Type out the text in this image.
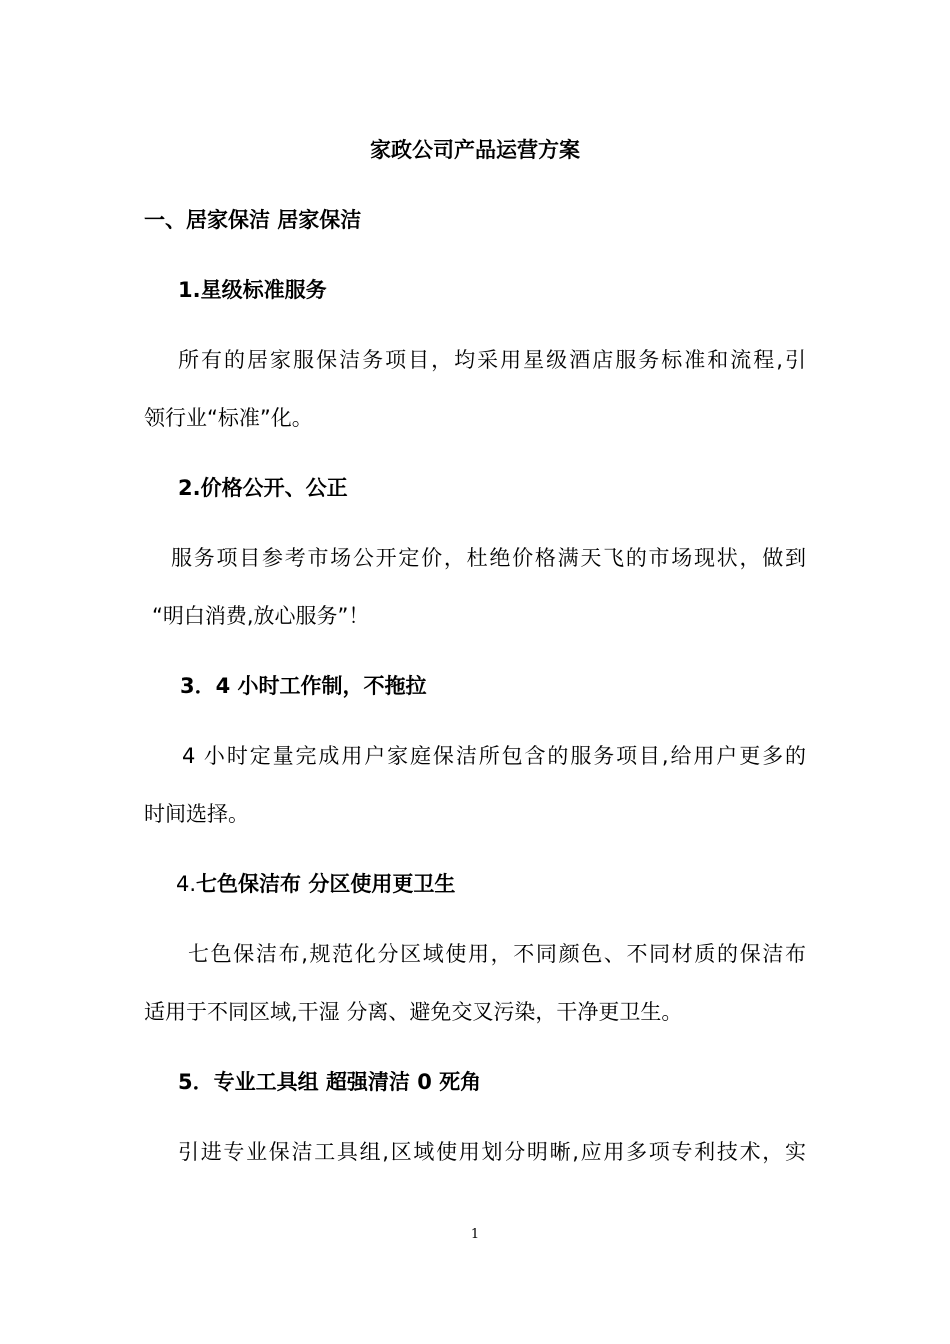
家政公司产品运营方案
一、居家保洁 居家保洁
1.星级标准服务
所有的居家服保洁务项目，均采用星级酒店服务标准和流程,引
领行业“标准”化。
2.价格公开、公正
服务项目参考市场公开定价，杜绝价格满天飞的市场现状，做到
“明白消费,放心服务”！
3．4 小时工作制，不拖拉
4 小时定量完成用户家庭保洁所包含的服务项目,给用户更多的
时间选择。
4.七色保洁布 分区使用更卫生
七色保洁布,规范化分区域使用，不同颜色、不同材质的保洁布
适用于不同区域,干湿 分离、避免交叉污染，干净更卫生。
5．专业工具组 超强清洁 0 死角
引进专业保洁工具组,区域使用划分明晰,应用多项专利技术，实
1
